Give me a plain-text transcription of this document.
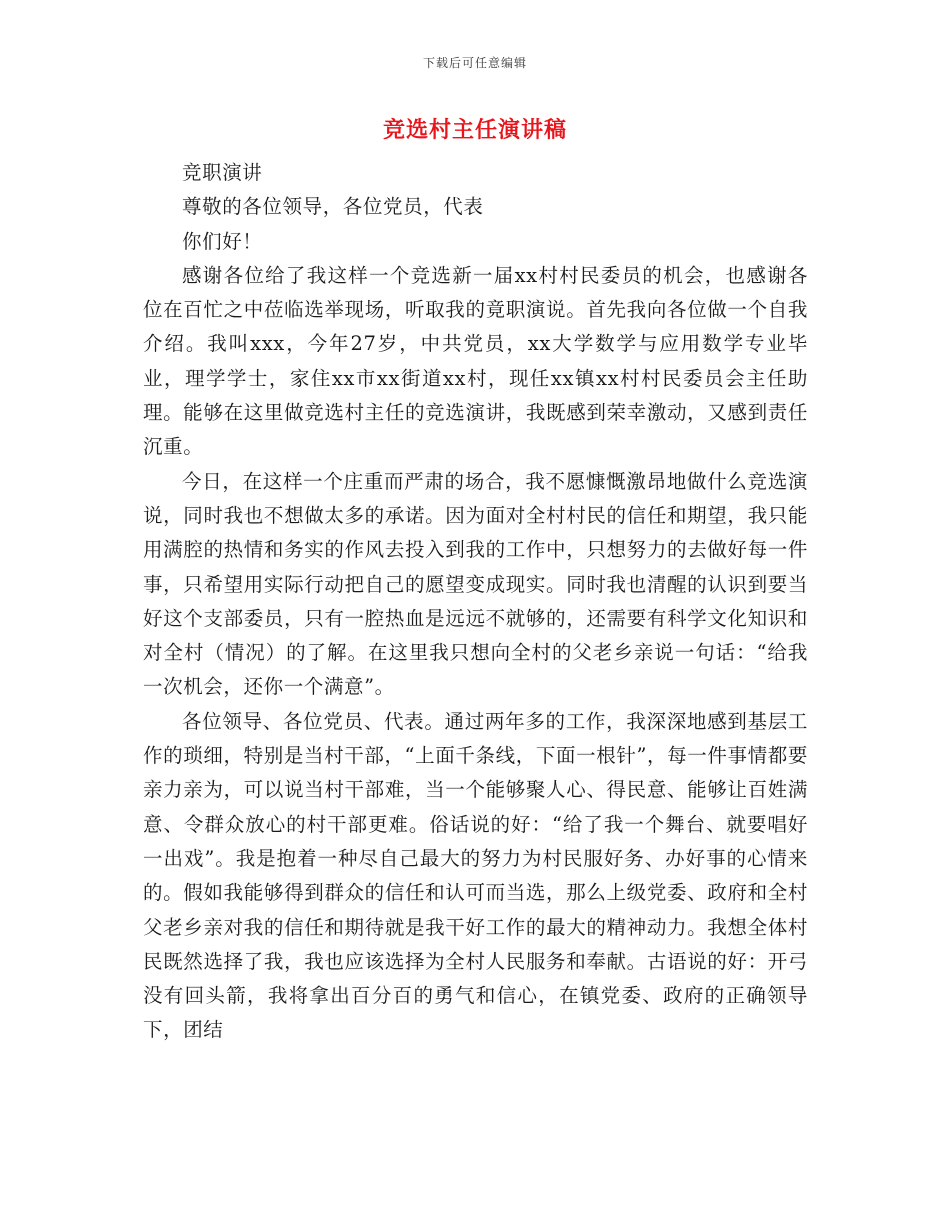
下载后可任意编辑
竞选村主任演讲稿

竞职演讲

尊敬的各位领导，各位党员，代表

你们好！

感谢各位给了我这样一个竞选新一届xx村村民委员的机会，也感谢各位在百忙之中莅临选举现场，听取我的竟职演说。首先我向各位做一个自我介绍。我叫xxx，今年27岁，中共党员，xx大学数学与应用数学专业毕业，理学学士，家住xx市xx街道xx村，现任xx镇xx村村民委员会主任助理。能够在这里做竞选村主任的竞选演讲，我既感到荣幸激动，又感到责任沉重。

今日，在这样一个庄重而严肃的场合，我不愿慷慨激昂地做什么竞选演说，同时我也不想做太多的承诺。因为面对全村村民的信任和期望，我只能用满腔的热情和务实的作风去投入到我的工作中，只想努力的去做好每一件事，只希望用实际行动把自己的愿望变成现实。同时我也清醒的认识到要当好这个支部委员，只有一腔热血是远远不就够的，还需要有科学文化知识和对全村（情况）的了解。在这里我只想向全村的父老乡亲说一句话：“给我一次机会，还你一个满意”。

各位领导、各位党员、代表。通过两年多的工作，我深深地感到基层工作的琐细，特别是当村干部，“上面千条线，下面一根针”，每一件事情都要亲力亲为，可以说当村干部难，当一个能够聚人心、得民意、能够让百姓满意、令群众放心的村干部更难。俗话说的好：“给了我一个舞台、就要唱好一出戏”。我是抱着一种尽自己最大的努力为村民服好务、办好事的心情来的。假如我能够得到群众的信任和认可而当选，那么上级党委、政府和全村父老乡亲对我的信任和期待就是我干好工作的最大的精神动力。我想全体村民既然选择了我，我也应该选择为全村人民服务和奉献。古语说的好：开弓没有回头箭，我将拿出百分百的勇气和信心，在镇党委、政府的正确领导下，团结
